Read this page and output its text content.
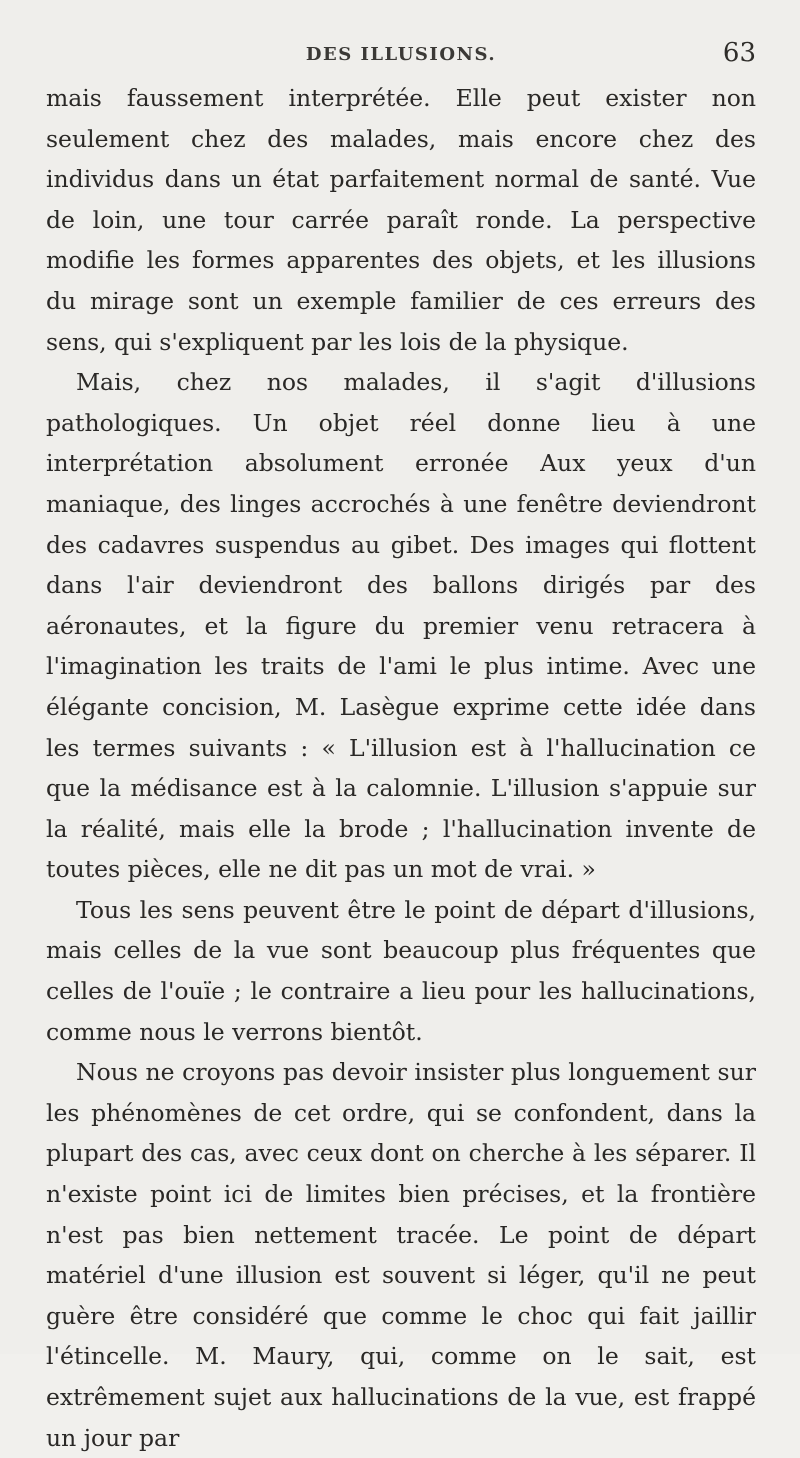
DES ILLUSIONS.	63

mais faussement interprétée. Elle peut exister non seulement chez des malades, mais encore chez des individus dans un état parfaitement normal de santé. Vue de loin, une tour carrée paraît ronde. La perspective modifie les formes apparentes des objets, et les illusions du mirage sont un exemple familier de ces erreurs des sens, qui s'expliquent par les lois de la physique.

Mais, chez nos malades, il s'agit d'illusions pathologiques. Un objet réel donne lieu à une interprétation absolument erronée Aux yeux d'un maniaque, des linges accrochés à une fenêtre deviendront des cadavres suspendus au gibet. Des images qui flottent dans l'air deviendront des ballons dirigés par des aéronautes, et la figure du premier venu retracera à l'imagination les traits de l'ami le plus intime. Avec une élégante concision, M. Lasègue exprime cette idée dans les termes suivants : « L'illusion est à l'hallucination ce que la médisance est à la calomnie. L'illusion s'appuie sur la réalité, mais elle la brode ; l'hallucination invente de toutes pièces, elle ne dit pas un mot de vrai. »

Tous les sens peuvent être le point de départ d'illusions, mais celles de la vue sont beaucoup plus fréquentes que celles de l'ouïe ; le contraire a lieu pour les hallucinations, comme nous le verrons bientôt.

Nous ne croyons pas devoir insister plus longuement sur les phénomènes de cet ordre, qui se confondent, dans la plupart des cas, avec ceux dont on cherche à les séparer. Il n'existe point ici de limites bien précises, et la frontière n'est pas bien nettement tracée. Le point de départ matériel d'une illusion est souvent si léger, qu'il ne peut guère être considéré que comme le choc qui fait jaillir l'étincelle. M. Maury, qui, comme on le sait, est extrêmement sujet aux hallucinations de la vue, est frappé un jour par
